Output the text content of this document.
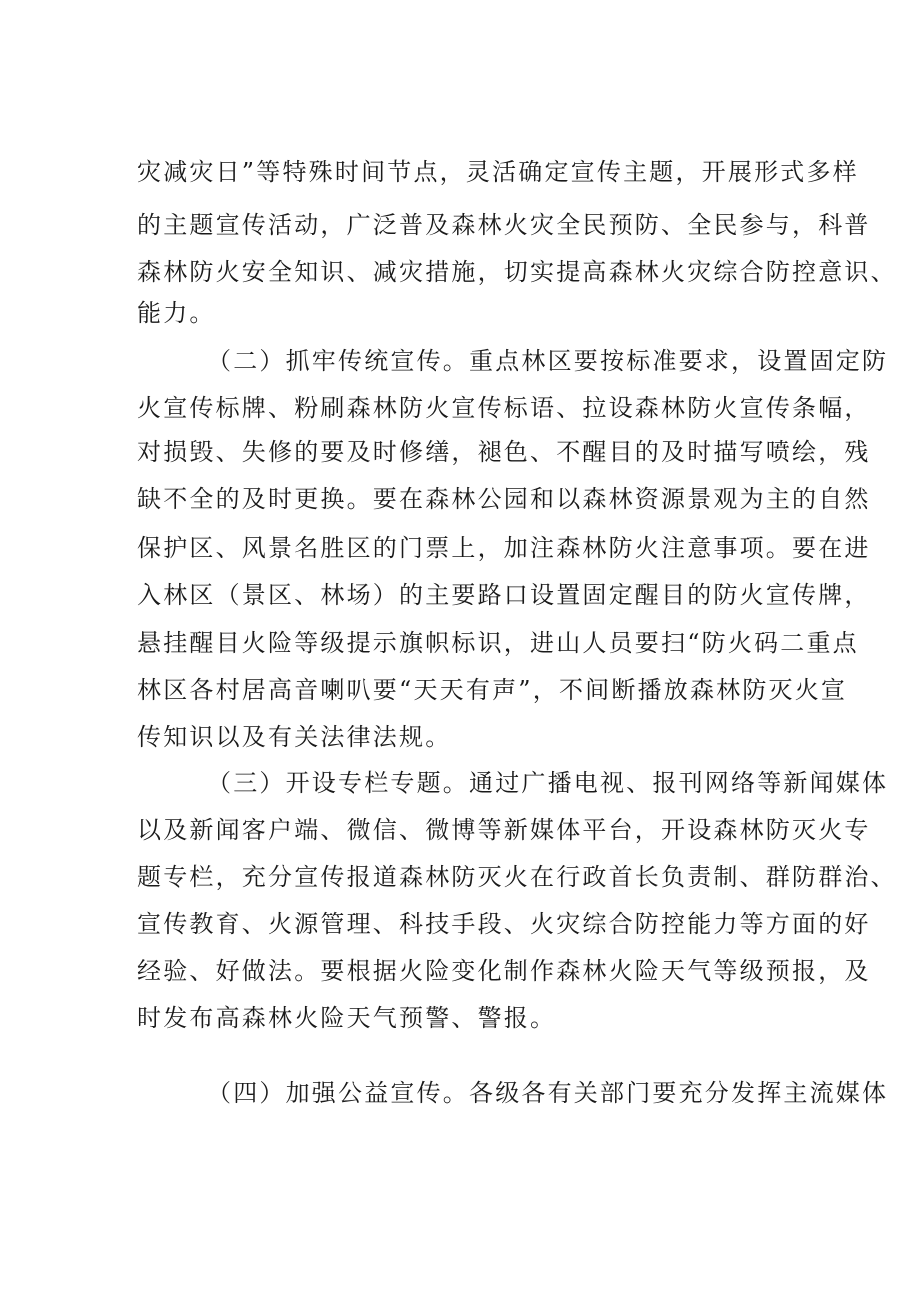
灾减灾日”等特殊时间节点，灵活确定宣传主题，开展形式多样
的主题宣传活动，广泛普及森林火灾全民预防、全民参与，科普
森林防火安全知识、减灾措施，切实提高森林火灾综合防控意识、
能力。
（二）抓牢传统宣传。重点林区要按标准要求，设置固定防
火宣传标牌、粉刷森林防火宣传标语、拉设森林防火宣传条幅，
对损毁、失修的要及时修缮，褪色、不醒目的及时描写喷绘，残
缺不全的及时更换。要在森林公园和以森林资源景观为主的自然
保护区、风景名胜区的门票上，加注森林防火注意事项。要在进
入林区（景区、林场）的主要路口设置固定醒目的防火宣传牌，
悬挂醒目火险等级提示旗帜标识，进山人员要扫“防火码二重点
林区各村居高音喇叭要“天天有声”，不间断播放森林防灭火宣
传知识以及有关法律法规。
（三）开设专栏专题。通过广播电视、报刊网络等新闻媒体
以及新闻客户端、微信、微博等新媒体平台，开设森林防灭火专
题专栏，充分宣传报道森林防灭火在行政首长负责制、群防群治、
宣传教育、火源管理、科技手段、火灾综合防控能力等方面的好
经验、好做法。要根据火险变化制作森林火险天气等级预报，及
时发布高森林火险天气预警、警报。
（四）加强公益宣传。各级各有关部门要充分发挥主流媒体
